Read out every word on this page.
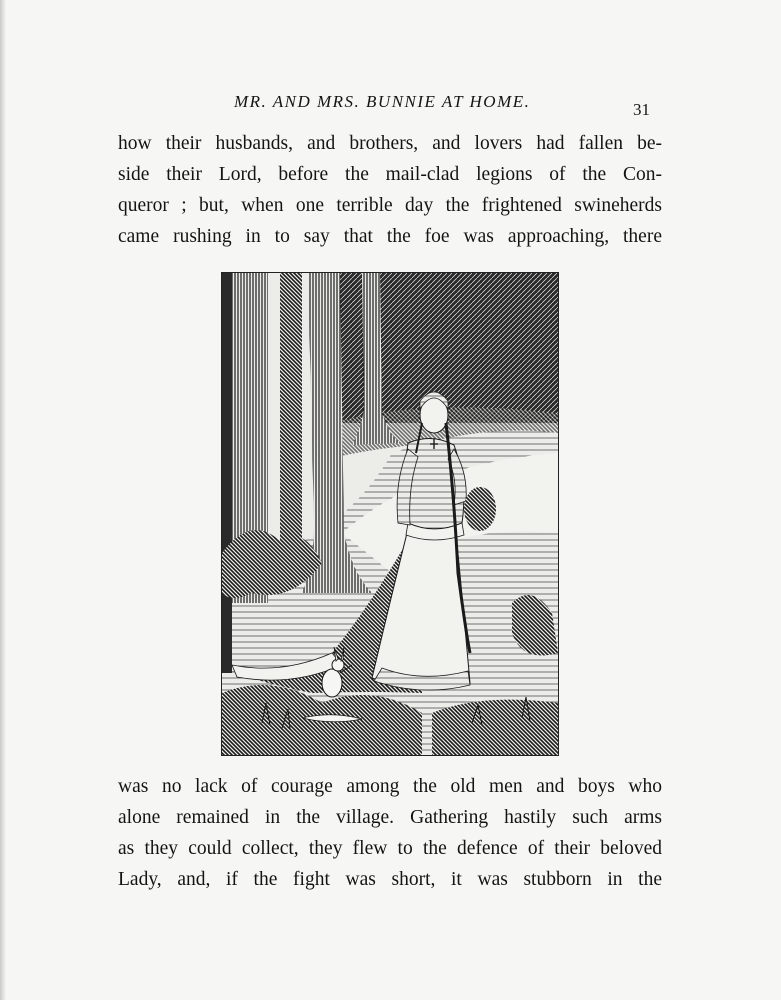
MR. AND MRS. BUNNIE AT HOME.	31
how their husbands, and brothers, and lovers had fallen be-
side their Lord, before the mail-clad legions of the Con-
queror ; but, when one terrible day the frightened swineherds
came rushing in to say that the foe was approaching, there
was no lack of courage among the old men and boys who
alone remained in the village. Gathering hastily such arms
as they could collect, they flew to the defence of their beloved
Lady, and, if the fight was short, it was stubborn in the
